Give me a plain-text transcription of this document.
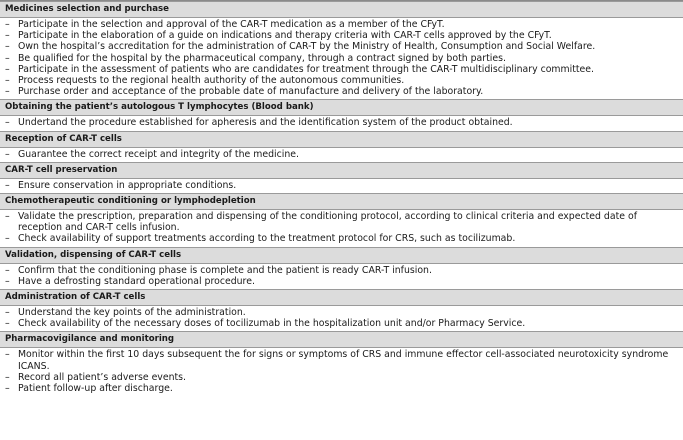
Medicines selection and purchase
– Participate in the selection and approval of the CAR-T medication as a member of the CFyT.
– Participate in the elaboration of a guide on indications and therapy criteria with CAR-T cells approved by the CFyT.
– Own the hospital’s accreditation for the administration of CAR-T by the Ministry of Health, Consumption and Social Welfare.
– Be qualified for the hospital by the pharmaceutical company, through a contract signed by both parties.
– Participate in the assessment of patients who are candidates for treatment through the CAR-T multidisciplinary committee.
– Process requests to the regional health authority of the autonomous communities.
– Purchase order and acceptance of the probable date of manufacture and delivery of the laboratory.
Obtaining the patient’s autologous T lymphocytes (Blood bank)
– Undertand the procedure established for apheresis and the identification system of the product obtained.
Reception of CAR-T cells
– Guarantee the correct receipt and integrity of the medicine.
CAR-T cell preservation
– Ensure conservation in appropriate conditions.
Chemotherapeutic conditioning or lymphodepletion
– Validate the prescription, preparation and dispensing of the conditioning protocol, according to clinical criteria and expected date of reception and CAR-T cells infusion.
– Check availability of support treatments according to the treatment protocol for CRS, such as tocilizumab.
Validation, dispensing of CAR-T cells
– Confirm that the conditioning phase is complete and the patient is ready CAR-T infusion.
– Have a defrosting standard operational procedure.
Administration of CAR-T cells
– Understand the key points of the administration.
– Check availability of the necessary doses of tocilizumab in the hospitalization unit and/or Pharmacy Service.
Pharmacovigilance and monitoring
– Monitor within the first 10 days subsequent the for signs or symptoms of CRS and immune effector cell-associated neurotoxicity syndrome ICANS.
– Record all patient’s adverse events.
– Patient follow-up after discharge.
